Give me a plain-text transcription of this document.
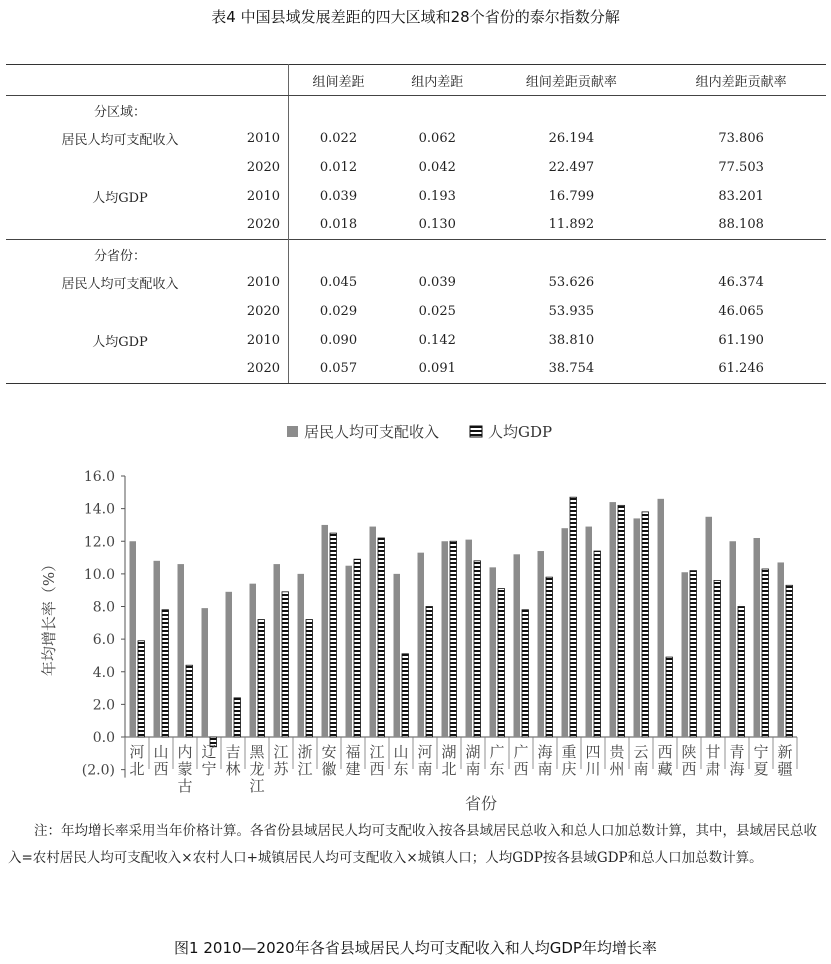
表4 中国县域发展差距的四大区域和28个省份的泰尔指数分解
		组间差距	组内差距	组间差距贡献率	组内差距贡献率
分区域：					
居民人均可支配收入	2010	0.022	0.062	26.194	73.806
	2020	0.012	0.042	22.497	77.503
人均GDP	2010	0.039	0.193	16.799	83.201
	2020	0.018	0.130	11.892	88.108
分省份：					
居民人均可支配收入	2010	0.045	0.039	53.626	46.374
	2020	0.029	0.025	53.935	46.065
人均GDP	2010	0.090	0.142	38.810	61.190
	2020	0.057	0.091	38.754	61.246
居民人均可支配收入	人均GDP
(2.0)
0.0
2.0
4.0
6.0
8.0
10.0
12.0
14.0
16.0
年均增长率（%）
河北
山西
内蒙古
辽宁
吉林
黑龙江
江苏
浙江
安徽
福建
江西
山东
河南
湖北
湖南
广东
广西
海南
重庆
四川
贵州
云南
西藏
陕西
甘肃
青海
宁夏
新疆
省份
注：年均增长率采用当年价格计算。各省份县域居民人均可支配收入按各县域居民总收入和总人口加总数计算，其中，县域居民总收入=农村居民人均可支配收入×农村人口+城镇居民人均可支配收入×城镇人口；人均GDP按各县域GDP和总人口加总数计算。
图1 2010—2020年各省县域居民人均可支配收入和人均GDP年均增长率
